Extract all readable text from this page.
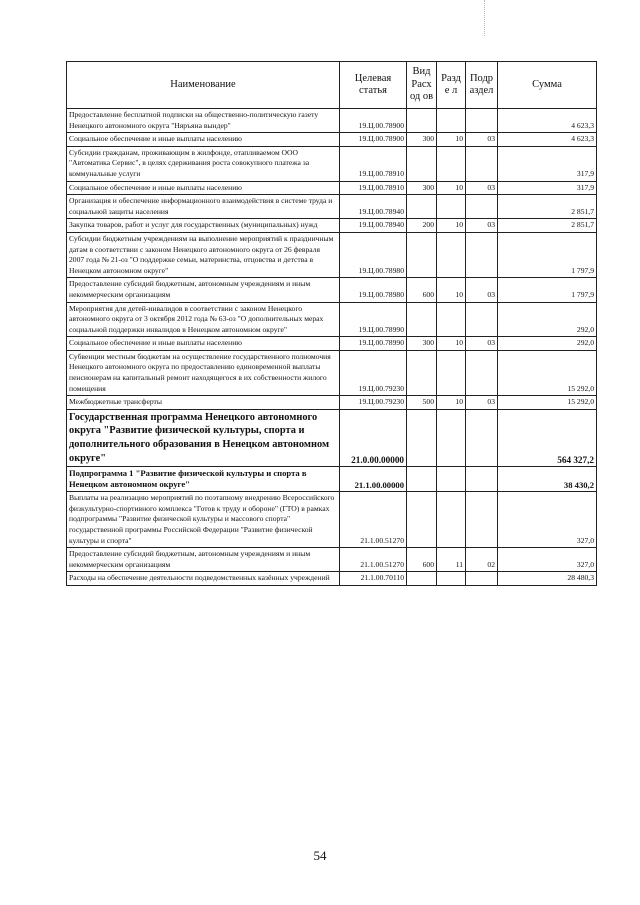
Наименование	Целевая статья	Вид Расход ов	Разде л	Подр аздел	Сумма
Предоставление бесплатной подписки на общественно-политическую газету Ненецкого автономного округа "Няръяна вындер"	19.Ц.00.78900				4 623,3
Социальное обеспечение и иные выплаты населению	19.Ц.00.78900	300	10	03	4 623,3
Субсидии гражданам, проживающим в жилфонде, отапливаемом ООО "Автоматика Сервис", в целях сдерживания роста совокупного платежа за коммунальные услуги	19.Ц.00.78910				317,9
Социальное обеспечение и иные выплаты населению	19.Ц.00.78910	300	10	03	317,9
Организация и обеспечение информационного взаимодействия в системе труда и социальной защиты населения	19.Ц.00.78940				2 851,7
Закупка товаров, работ и услуг для государственных (муниципальных) нужд	19.Ц.00.78940	200	10	03	2 851,7
Субсидии бюджетным учреждениям на выполнение мероприятий к праздничным датам в соответствии с законом Ненецкого автономного округа от 26 февраля 2007 года № 21-оз "О поддержке семьи, материнства, отцовства и детства в Ненецком автономном округе"	19.Ц.00.78980				1 797,9
Предоставление субсидий бюджетным, автономным учреждениям и иным некоммерческим организациям	19.Ц.00.78980	600	10	03	1 797,9
Мероприятия для детей-инвалидов в соответствии с законом Ненецкого автономного округа от 3 октября 2012 года № 63-оз "О дополнительных мерах социальной поддержки инвалидов в Ненецком автономном округе"	19.Ц.00.78990				292,0
Социальное обеспечение и иные выплаты населению	19.Ц.00.78990	300	10	03	292,0
Субвенции местным бюджетам на осуществление государственного полномочия Ненецкого автономного округа по предоставлению единовременной выплаты пенсионерам на капитальный ремонт находящегося в их собственности жилого помещения	19.Ц.00.79230				15 292,0
Межбюджетные трансферты	19.Ц.00.79230	500	10	03	15 292,0
Государственная программа Ненецкого автономного округа "Развитие физической культуры, спорта и дополнительного образования в Ненецком автономном округе"	21.0.00.00000				564 327,2
Подпрограмма 1 "Развитие физической культуры и спорта в Ненецком автономном округе"	21.1.00.00000				38 430,2
Выплаты на реализацию мероприятий по поэтапному внедрению Всероссийского физкультурно-спортивного комплекса "Готов к труду и обороне" (ГТО) в рамках подпрограммы "Развитие физической культуры и массового спорта" государственной программы Российской Федерации "Развитие физической культуры и спорта"	21.1.00.51270				327,0
Предоставление субсидий бюджетным, автономным учреждениям и иным некоммерческим организациям	21.1.00.51270	600	11	02	327,0
Расходы на обеспечение деятельности подведомственных казённых учреждений	21.1.00.70110				28 480,3
54
